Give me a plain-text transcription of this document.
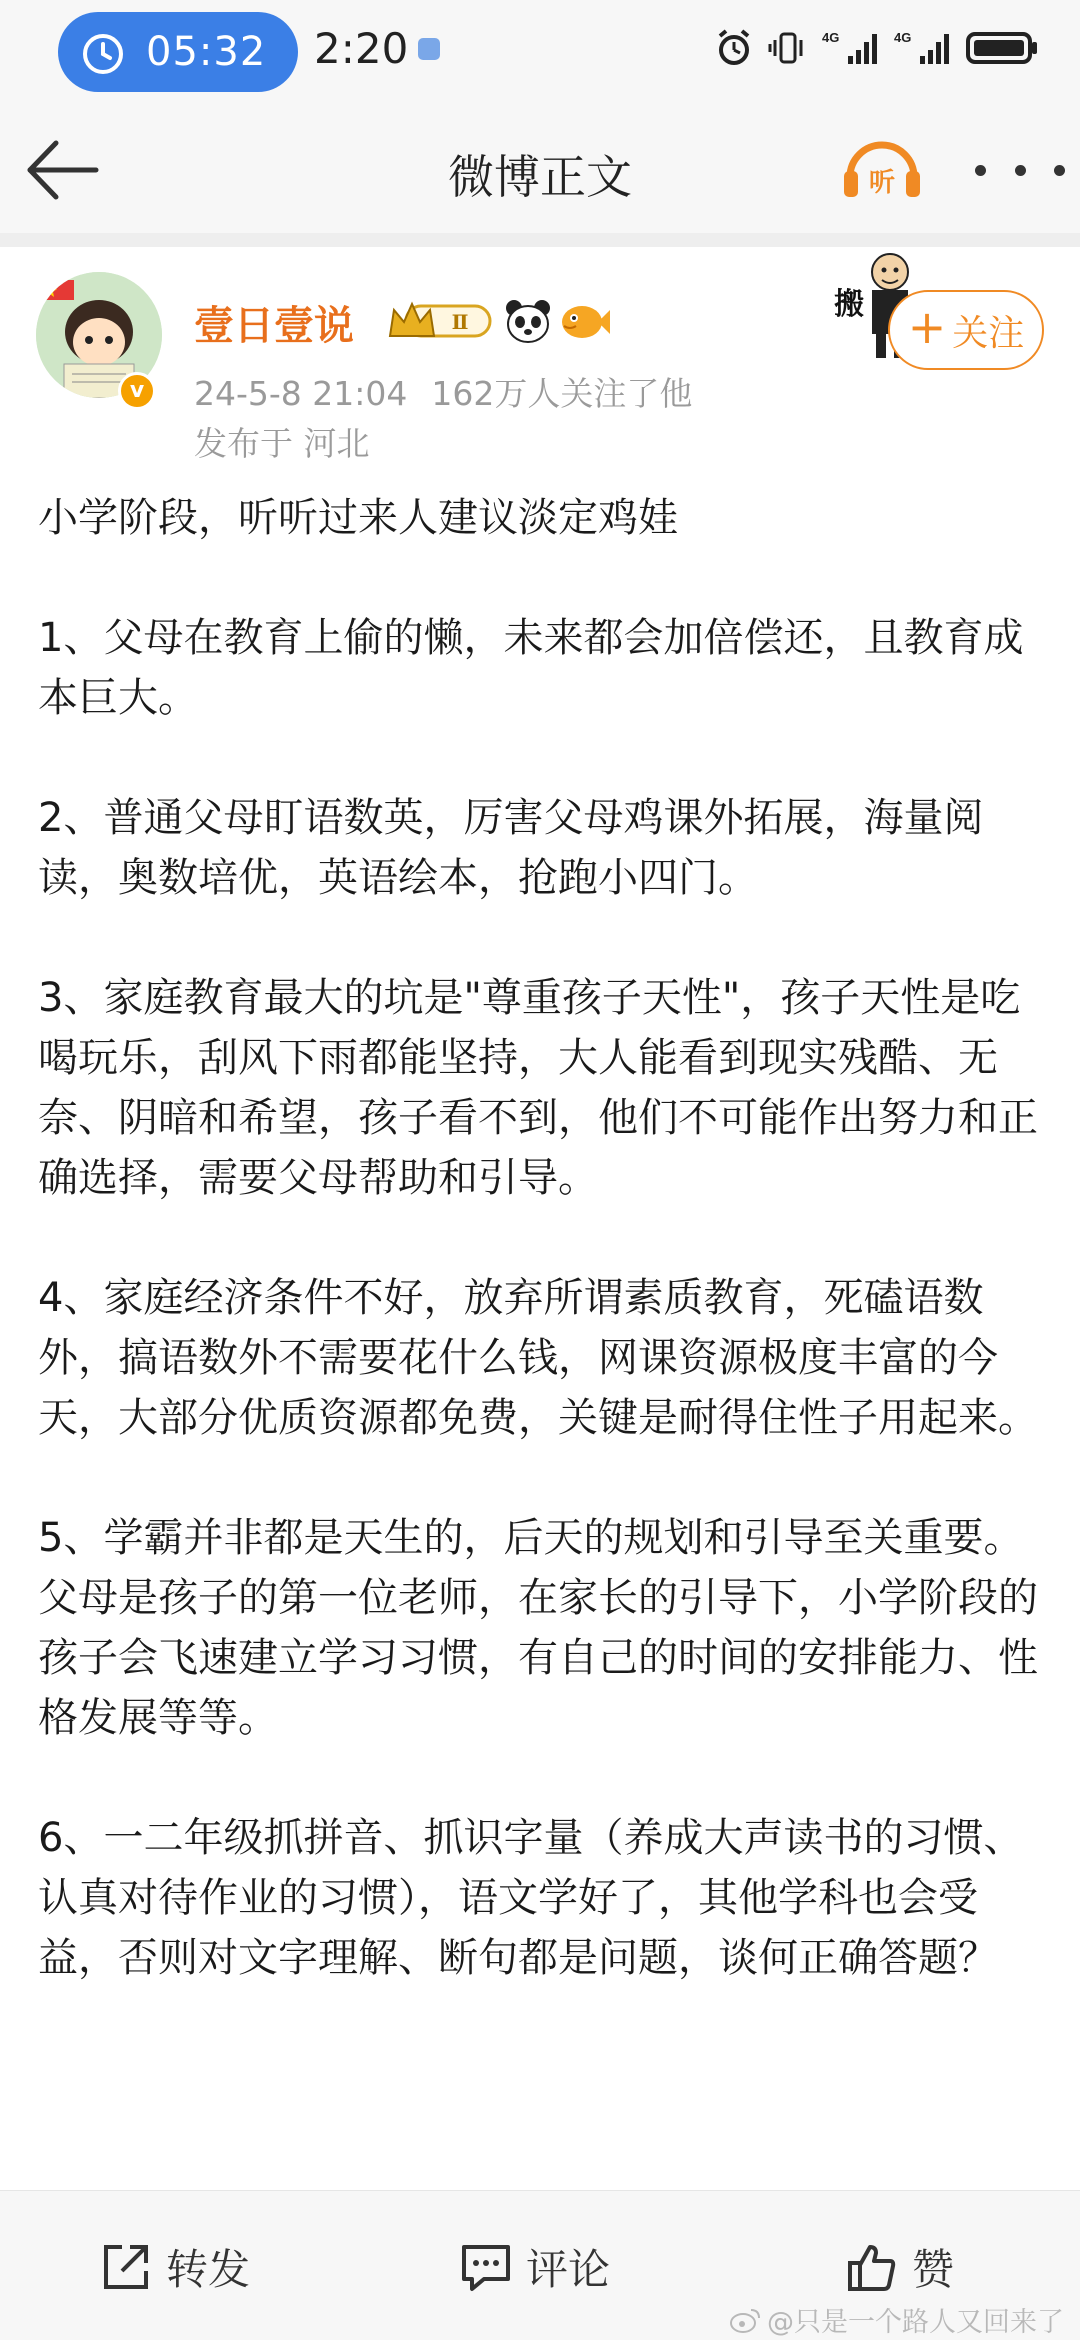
05:32 2:20	4G	4G
微博正文	听
v
壹日壹说	Ⅱ
24-5-8 21:04 162万人关注了他
发布于 河北
搬 + 关注

小学阶段，听听过来人建议淡定鸡娃

1、父母在教育上偷的懒，未来都会加倍偿还，且教育成本巨大。

2、普通父母盯语数英，厉害父母鸡课外拓展，海量阅读，奥数培优，英语绘本，抢跑小四门。

3、家庭教育最大的坑是"尊重孩子天性"，孩子天性是吃喝玩乐，刮风下雨都能坚持，大人能看到现实残酷、无奈、阴暗和希望，孩子看不到，他们不可能作出努力和正确选择，需要父母帮助和引导。

4、家庭经济条件不好，放弃所谓素质教育，死磕语数外，搞语数外不需要花什么钱，网课资源极度丰富的今天，大部分优质资源都免费，关键是耐得住性子用起来。

5、学霸并非都是天生的，后天的规划和引导至关重要。父母是孩子的第一位老师，在家长的引导下，小学阶段的孩子会飞速建立学习习惯，有自己的时间的安排能力、性格发展等等。

6、一二年级抓拼音、抓识字量（养成大声读书的习惯、认真对待作业的习惯），语文学好了，其他学科也会受益，否则对文字理解、断句都是问题，谈何正确答题？

转发	评论	赞
@只是一个路人又回来了
